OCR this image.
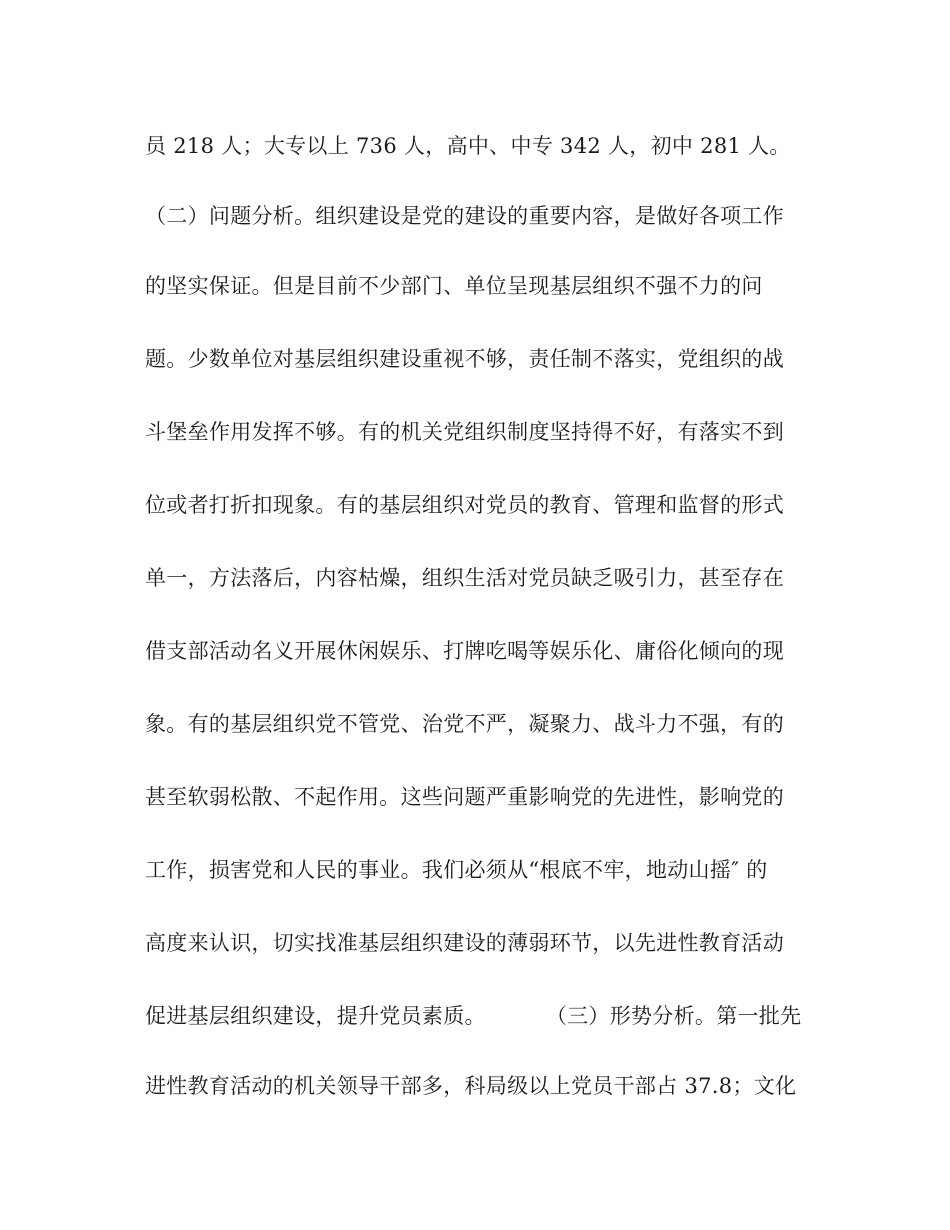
员 218 人；大专以上 736 人，高中、中专 342 人，初中 281 人。
（二）问题分析。组织建设是党的建设的重要内容，是做好各项工作
的坚实保证。但是目前不少部门、单位呈现基层组织不强不力的问
题。少数单位对基层组织建设重视不够，责任制不落实，党组织的战
斗堡垒作用发挥不够。有的机关党组织制度坚持得不好，有落实不到
位或者打折扣现象。有的基层组织对党员的教育、管理和监督的形式
单一，方法落后，内容枯燥，组织生活对党员缺乏吸引力，甚至存在
借支部活动名义开展休闲娱乐、打牌吃喝等娱乐化、庸俗化倾向的现
象。有的基层组织党不管党、治党不严，凝聚力、战斗力不强，有的
甚至软弱松散、不起作用。这些问题严重影响党的先进性，影响党的
工作，损害党和人民的事业。我们必须从“根底不牢，地动山摇″ 的
高度来认识，切实找准基层组织建设的薄弱环节，以先进性教育活动
促进基层组织建设，提升党员素质。	（三）形势分析。第一批先
进性教育活动的机关领导干部多，科局级以上党员干部占 37.8；文化
